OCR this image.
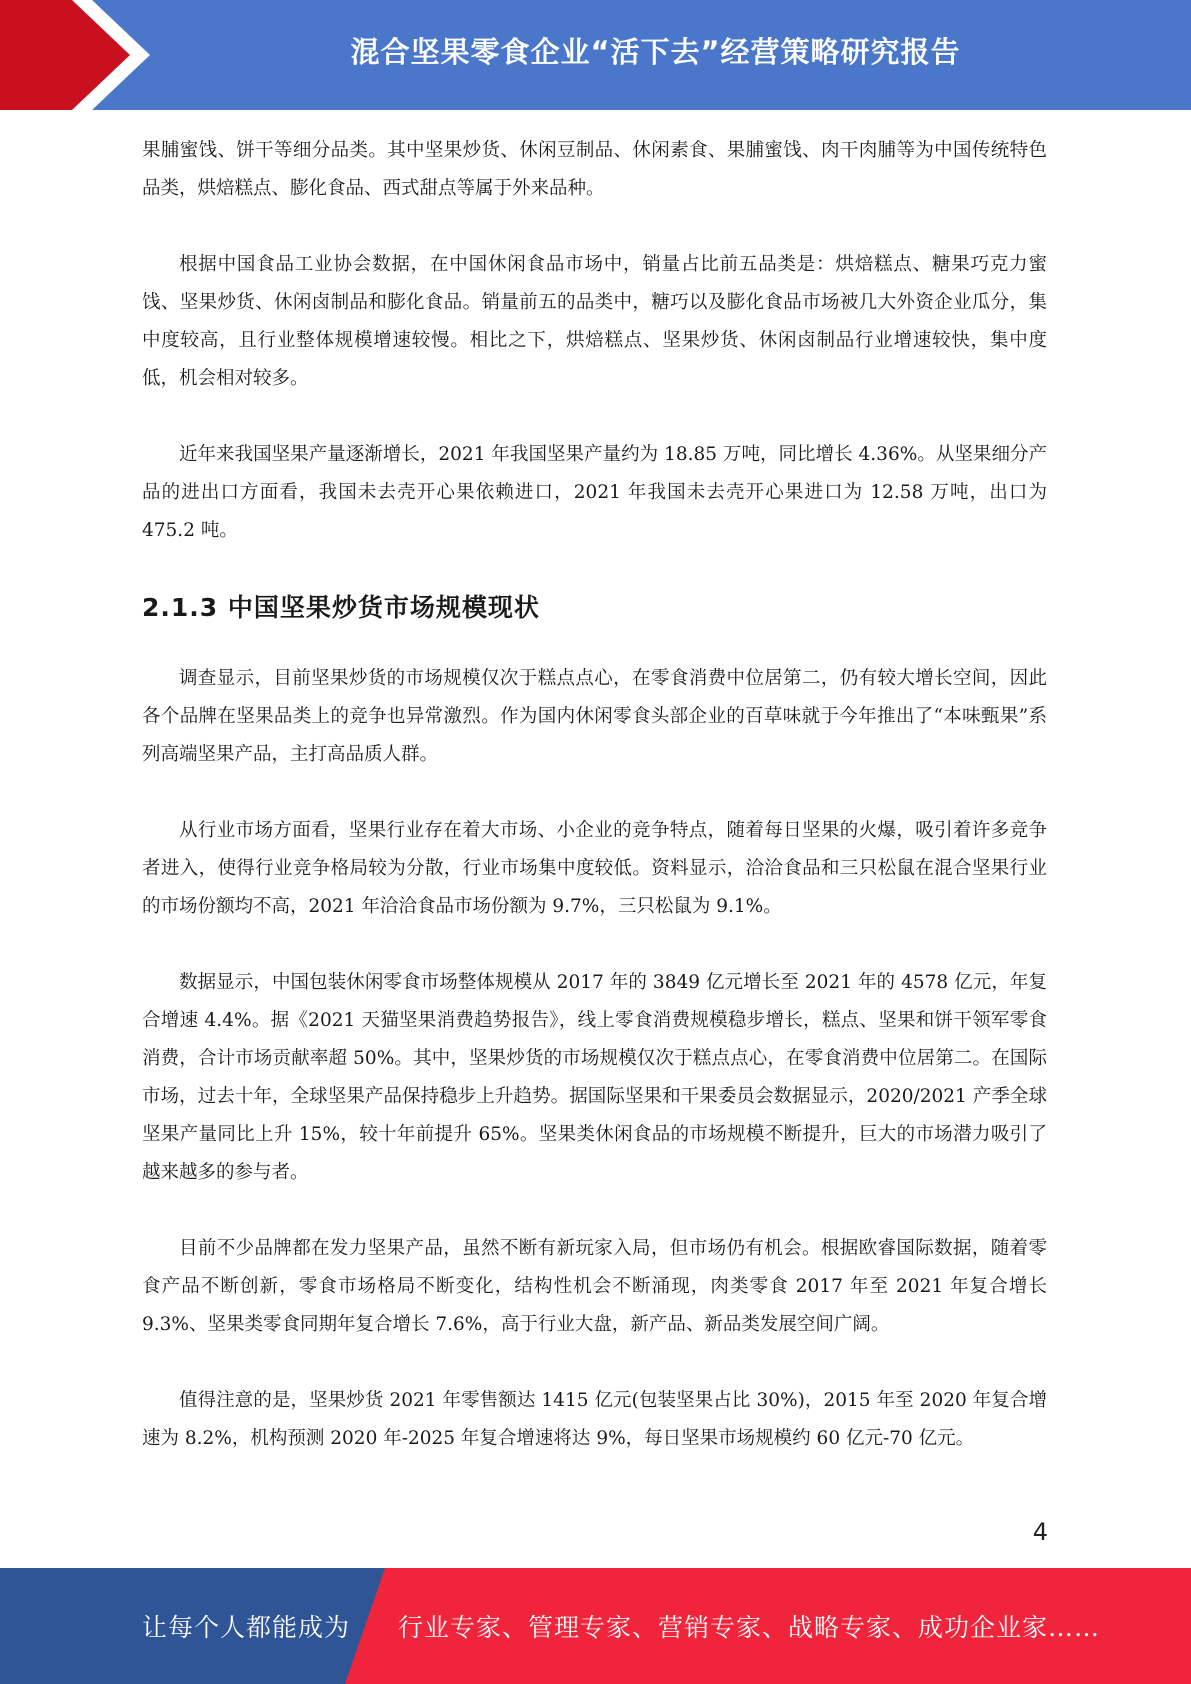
混合坚果零食企业“活下去”经营策略研究报告

果脯蜜饯、饼干等细分品类。其中坚果炒货、休闲豆制品、休闲素食、果脯蜜饯、肉干肉脯等为中国传统特色品类，烘焙糕点、膨化食品、西式甜点等属于外来品种。

根据中国食品工业协会数据，在中国休闲食品市场中，销量占比前五品类是：烘焙糕点、糖果巧克力蜜饯、坚果炒货、休闲卤制品和膨化食品。销量前五的品类中，糖巧以及膨化食品市场被几大外资企业瓜分，集中度较高，且行业整体规模增速较慢。相比之下，烘焙糕点、坚果炒货、休闲卤制品行业增速较快，集中度低，机会相对较多。

近年来我国坚果产量逐渐增长，2021 年我国坚果产量约为 18.85 万吨，同比增长 4.36%。从坚果细分产品的进出口方面看，我国未去壳开心果依赖进口，2021 年我国未去壳开心果进口为 12.58 万吨，出口为 475.2 吨。

2.1.3 中国坚果炒货市场规模现状

调查显示，目前坚果炒货的市场规模仅次于糕点点心，在零食消费中位居第二，仍有较大增长空间，因此各个品牌在坚果品类上的竞争也异常激烈。作为国内休闲零食头部企业的百草味就于今年推出了“本味甄果”系列高端坚果产品，主打高品质人群。

从行业市场方面看，坚果行业存在着大市场、小企业的竞争特点，随着每日坚果的火爆，吸引着许多竞争者进入，使得行业竞争格局较为分散，行业市场集中度较低。资料显示，洽洽食品和三只松鼠在混合坚果行业的市场份额均不高，2021 年洽洽食品市场份额为 9.7%，三只松鼠为 9.1%。

数据显示，中国包装休闲零食市场整体规模从 2017 年的 3849 亿元增长至 2021 年的 4578 亿元，年复合增速 4.4%。据《2021 天猫坚果消费趋势报告》，线上零食消费规模稳步增长，糕点、坚果和饼干领军零食消费，合计市场贡献率超 50%。其中，坚果炒货的市场规模仅次于糕点点心，在零食消费中位居第二。在国际市场，过去十年，全球坚果产品保持稳步上升趋势。据国际坚果和干果委员会数据显示，2020/2021 产季全球坚果产量同比上升 15%，较十年前提升 65%。坚果类休闲食品的市场规模不断提升，巨大的市场潜力吸引了越来越多的参与者。

目前不少品牌都在发力坚果产品，虽然不断有新玩家入局，但市场仍有机会。根据欧睿国际数据，随着零食产品不断创新，零食市场格局不断变化，结构性机会不断涌现，肉类零食 2017 年至 2021 年复合增长 9.3%、坚果类零食同期年复合增长 7.6%，高于行业大盘，新产品、新品类发展空间广阔。

值得注意的是，坚果炒货 2021 年零售额达 1415 亿元(包装坚果占比 30%)，2015 年至 2020 年复合增速为 8.2%，机构预测 2020 年-2025 年复合增速将达 9%，每日坚果市场规模约 60 亿元-70 亿元。

4
让每个人都能成为 行业专家、管理专家、营销专家、战略专家、成功企业家……
